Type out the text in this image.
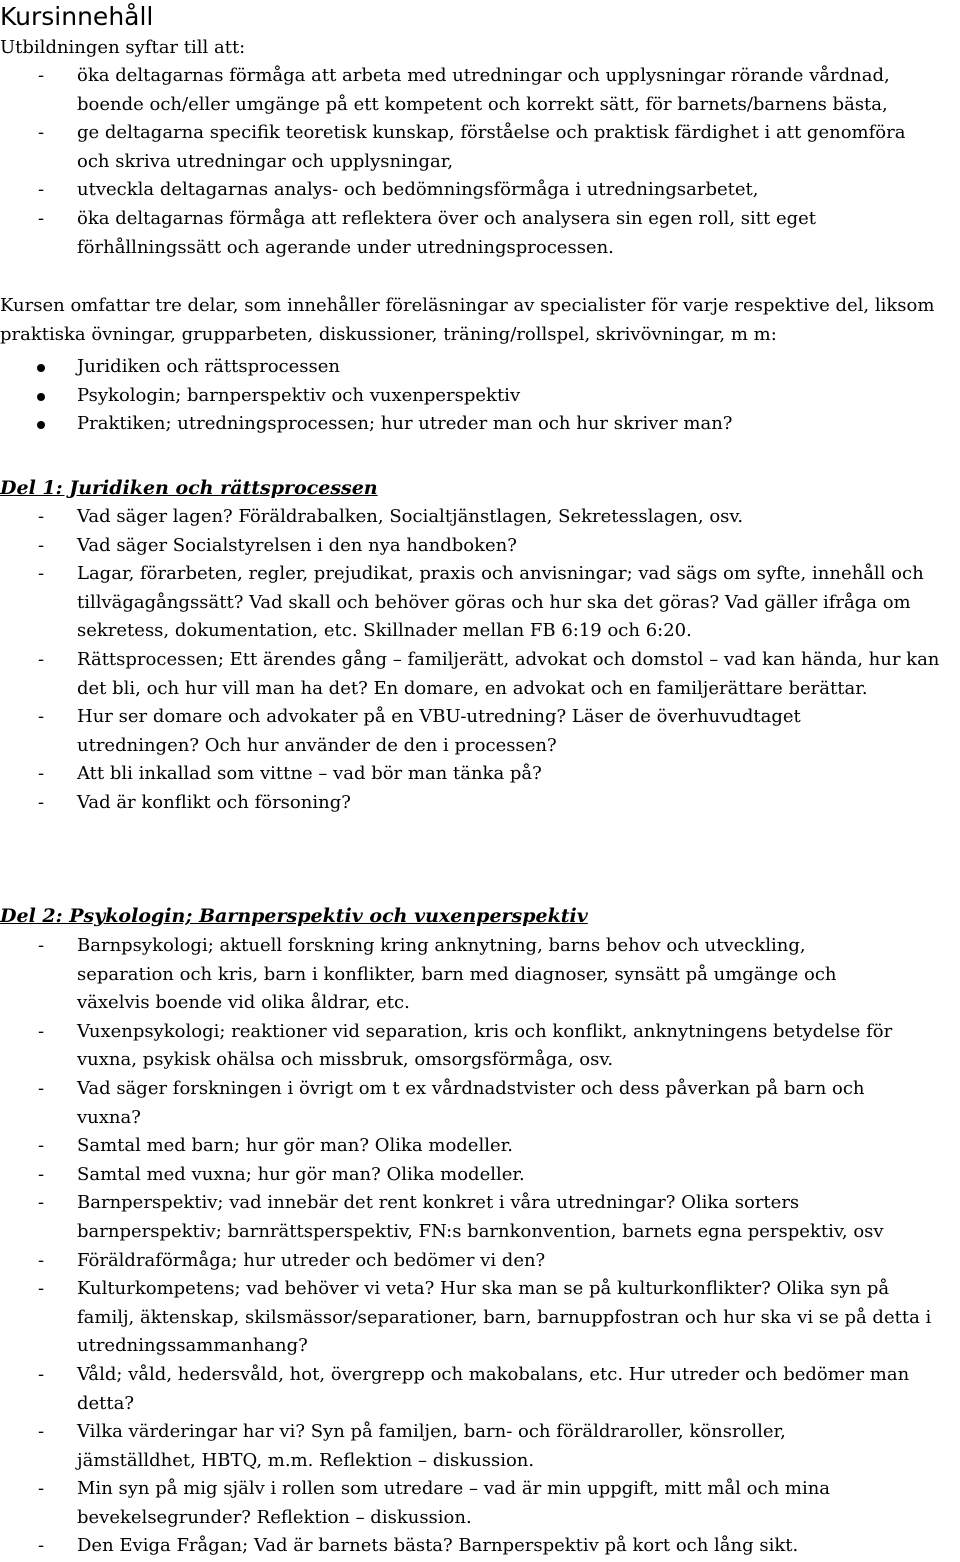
Kursinnehåll

Utbildningen syftar till att:

- öka deltagarnas förmåga att arbeta med utredningar och upplysningar rörande vårdnad, boende och/eller umgänge på ett kompetent och korrekt sätt, för barnets/barnens bästa,
- ge deltagarna specifik teoretisk kunskap, förståelse och praktisk färdighet i att genomföra och skriva utredningar och upplysningar,
- utveckla deltagarnas analys- och bedömningsförmåga i utredningsarbetet,
- öka deltagarnas förmåga att reflektera över och analysera sin egen roll, sitt eget förhållningssätt och agerande under utredningsprocessen.

Kursen omfattar tre delar, som innehåller föreläsningar av specialister för varje respektive del, liksom praktiska övningar, grupparbeten, diskussioner, träning/rollspel, skrivövningar, m m:

Juridiken och rättsprocessen
Psykologin; barnperspektiv och vuxenperspektiv
Praktiken; utredningsprocessen; hur utreder man och hur skriver man?
Del 1: Juridiken och rättsprocessen
- Vad säger lagen? Föräldrabalken, Socialtjänstlagen, Sekretesslagen, osv.
- Vad säger Socialstyrelsen i den nya handboken?
- Lagar, förarbeten, regler, prejudikat, praxis och anvisningar; vad sägs om syfte, innehåll och tillvägagångssätt? Vad skall och behöver göras och hur ska det göras? Vad gäller ifråga om sekretess, dokumentation, etc. Skillnader mellan FB 6:19 och 6:20.
- Rättsprocessen; Ett ärendes gång – familjerätt, advokat och domstol – vad kan hända, hur kan det bli, och hur vill man ha det? En domare, en advokat och en familjerättare berättar.
- Hur ser domare och advokater på en VBU-utredning? Läser de överhuvudtaget utredningen? Och hur använder de den i processen?
- Att bli inkallad som vittne – vad bör man tänka på?
- Vad är konflikt och försoning?
Del 2: Psykologin; Barnperspektiv och vuxenperspektiv
- Barnpsykologi; aktuell forskning kring anknytning, barns behov och utveckling, separation och kris, barn i konflikter, barn med diagnoser, synsätt på umgänge och växelvis boende vid olika åldrar, etc.
- Vuxenpsykologi; reaktioner vid separation, kris och konflikt, anknytningens betydelse för vuxna, psykisk ohälsa och missbruk, omsorgsförmåga, osv.
- Vad säger forskningen i övrigt om t ex vårdnadstvister och dess påverkan på barn och vuxna?
- Samtal med barn; hur gör man? Olika modeller.
- Samtal med vuxna; hur gör man? Olika modeller.
- Barnperspektiv; vad innebär det rent konkret i våra utredningar? Olika sorters barnperspektiv; barnrättsperspektiv, FN:s barnkonvention, barnets egna perspektiv, osv
- Föräldraförmåga; hur utreder och bedömer vi den?
- Kulturkompetens; vad behöver vi veta? Hur ska man se på kulturkonflikter? Olika syn på familj, äktenskap, skilsmässor/separationer, barn, barnuppfostran och hur ska vi se på detta i utredningssammanhang?
- Våld; våld, hedersvåld, hot, övergrepp och makobalans, etc. Hur utreder och bedömer man detta?
- Vilka värderingar har vi? Syn på familjen, barn- och föräldraroller, könsroller, jämställdhet, HBTQ, m.m. Reflektion – diskussion.
- Min syn på mig själv i rollen som utredare – vad är min uppgift, mitt mål och mina bevekelsegrunder? Reflektion – diskussion.
- Den Eviga Frågan; Vad är barnets bästa? Barnperspektiv på kort och lång sikt.
